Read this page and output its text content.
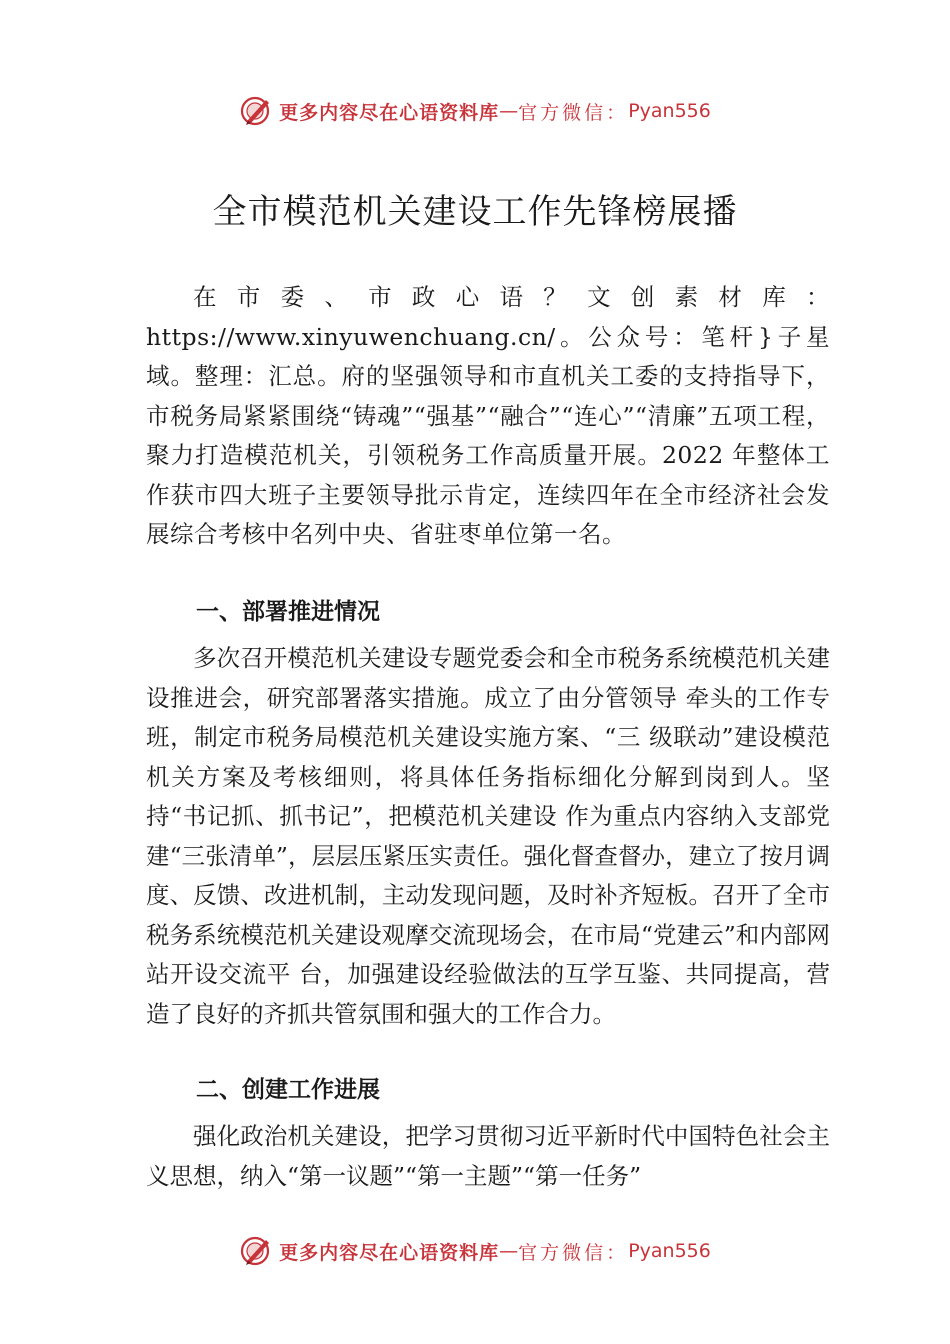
更多内容尽在心语资料库 — 官方微信： Pyan556
全市模范机关建设工作先锋榜展播

在市委、市政心语？文创素材库：https://www.xinyuwenchuang.cn/。公众号：笔杆}子星域。整理：汇总。府的坚强领导和市直机关工委的支持指导下，市税务局紧紧围绕“铸魂”“强基”“融合”“连心”“清廉”五项工程，聚力打造模范机关，引领税务工作高质量开展。2022 年整体工作获市四大班子主要领导批示肯定，连续四年在全市经济社会发展综合考核中名列中央、省驻枣单位第一名。

一、部署推进情况

多次召开模范机关建设专题党委会和全市税务系统模范机关建设推进会，研究部署落实措施。成立了由分管领导 牵头的工作专班，制定市税务局模范机关建设实施方案、“三 级联动”建设模范机关方案及考核细则，将具体任务指标细化分解到岗到人。坚持“书记抓、抓书记”，把模范机关建设 作为重点内容纳入支部党建“三张清单”，层层压紧压实责任。强化督查督办，建立了按月调度、反馈、改进机制，主动发现问题，及时补齐短板。召开了全市税务系统模范机关建设观摩交流现场会，在市局“党建云”和内部网站开设交流平 台，加强建设经验做法的互学互鉴、共同提高，营造了良好的齐抓共管氛围和强大的工作合力。

二、创建工作进展

强化政治机关建设，把学习贯彻习近平新时代中国特色社会主义思想，纳入“第一议题”“第一主题”“第一任务”

更多内容尽在心语资料库 — 官方微信： Pyan556
